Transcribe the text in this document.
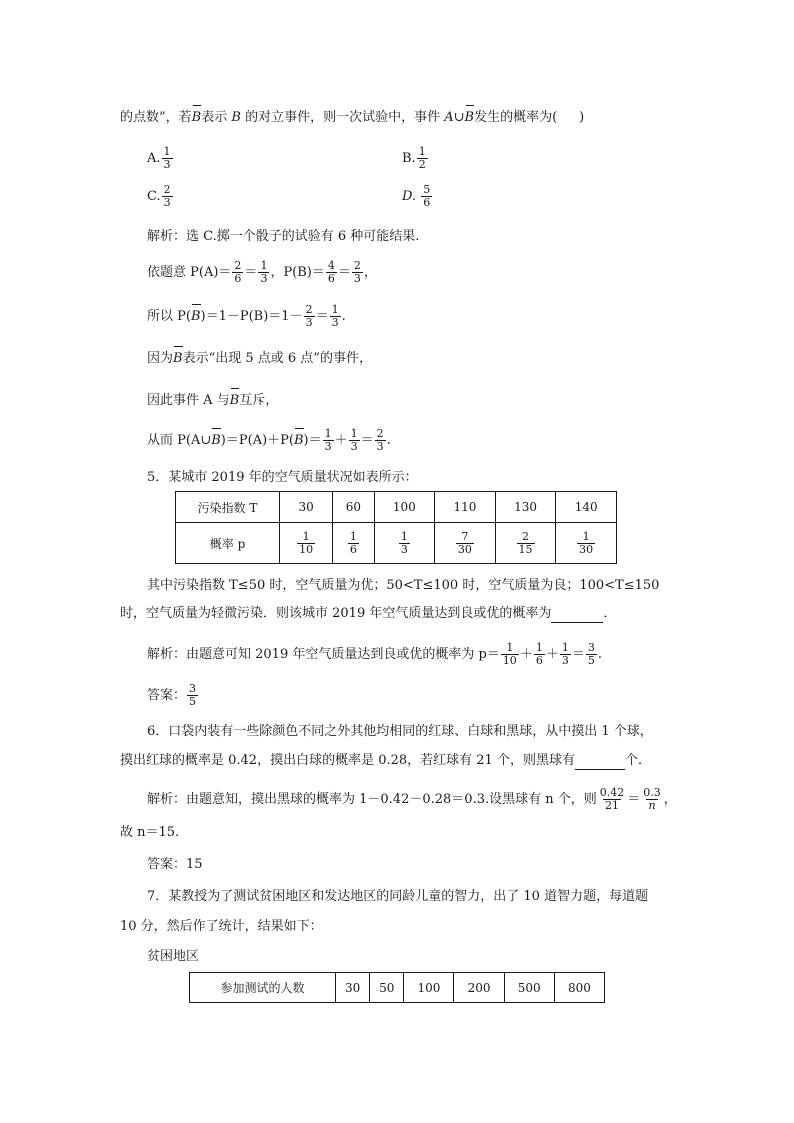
的点数”，若B表示 B 的对立事件，则一次试验中，事件 A∪B发生的概率为( )
A. $\frac{1}{3}$	B. $\frac{1}{2}$
C. $\frac{2}{3}$	D. $\frac{5}{6}$
解析：选 C.掷一个骰子的试验有 6 种可能结果.
依题意 $P(A)= \frac{2}{6} = \frac{1}{3}$ ，$P(B)= \frac{4}{6} = \frac{2}{3}$ ，
所以 $P(B)=1-P(B)=1- \frac{2}{3} = \frac{1}{3}$ .
因为B表示“出现 5 点或 6 点”的事件，
因此事件 A 与B互斥，
从而 P(A∪B)＝P(A)＋P(B)＝ $\frac{1}{3} + \frac{1}{3} = \frac{2}{3}$ .
5．某城市 2019 年的空气质量状况如表所示：
污染指数 T	30	60	100	110	130	140
概率 p	$\frac{1}{10}$	$\frac{1}{6}$	$\frac{1}{3}$	$\frac{7}{30}$	$\frac{2}{15}$	$\frac{1}{30}$
其中污染指数 T≤50 时，空气质量为优；50<T≤100 时，空气质量为良；100<T≤150
时，空气质量为轻微污染．则该城市 2019 年空气质量达到良或优的概率为	．
解析：由题意可知 2019 年空气质量达到良或优的概率为 $p= \frac{1}{10} + \frac{1}{6} + \frac{1}{3} = \frac{3}{5}$ .
答案： $\frac{3}{5}$
6．口袋内装有一些除颜色不同之外其他均相同的红球、白球和黑球，从中摸出 1 个球，
摸出红球的概率是 0.42，摸出白球的概率是 0.28，若红球有 21 个，则黑球有	个．
解析：由题意知，摸出黑球的概率为 1－0.42－0.28＝0.3.设黑球有 n 个，则 $\frac{0.42}{21} = \frac{0.3}{n}$ ，
故 n＝15.
答案：15
7．某教授为了测试贫困地区和发达地区的同龄儿童的智力，出了 10 道智力题，每道题
10 分，然后作了统计，结果如下：
贫困地区
参加测试的人数	30	50	100	200	500	800
